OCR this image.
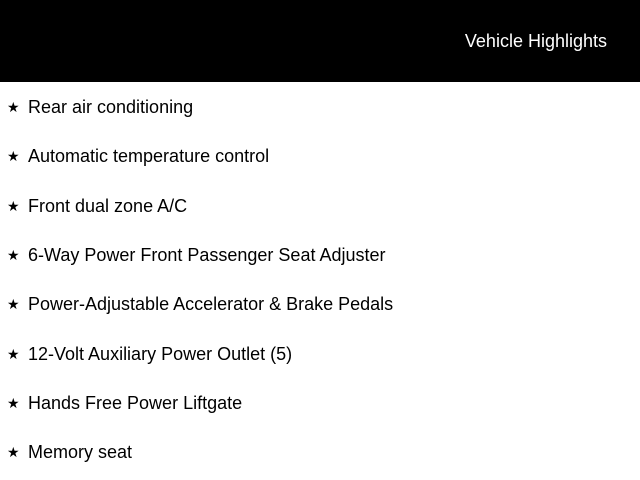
Vehicle Highlights
★ Rear air conditioning
★ Automatic temperature control
★ Front dual zone A/C
★ 6-Way Power Front Passenger Seat Adjuster
★ Power-Adjustable Accelerator & Brake Pedals
★ 12-Volt Auxiliary Power Outlet (5)
★ Hands Free Power Liftgate
★ Memory seat
